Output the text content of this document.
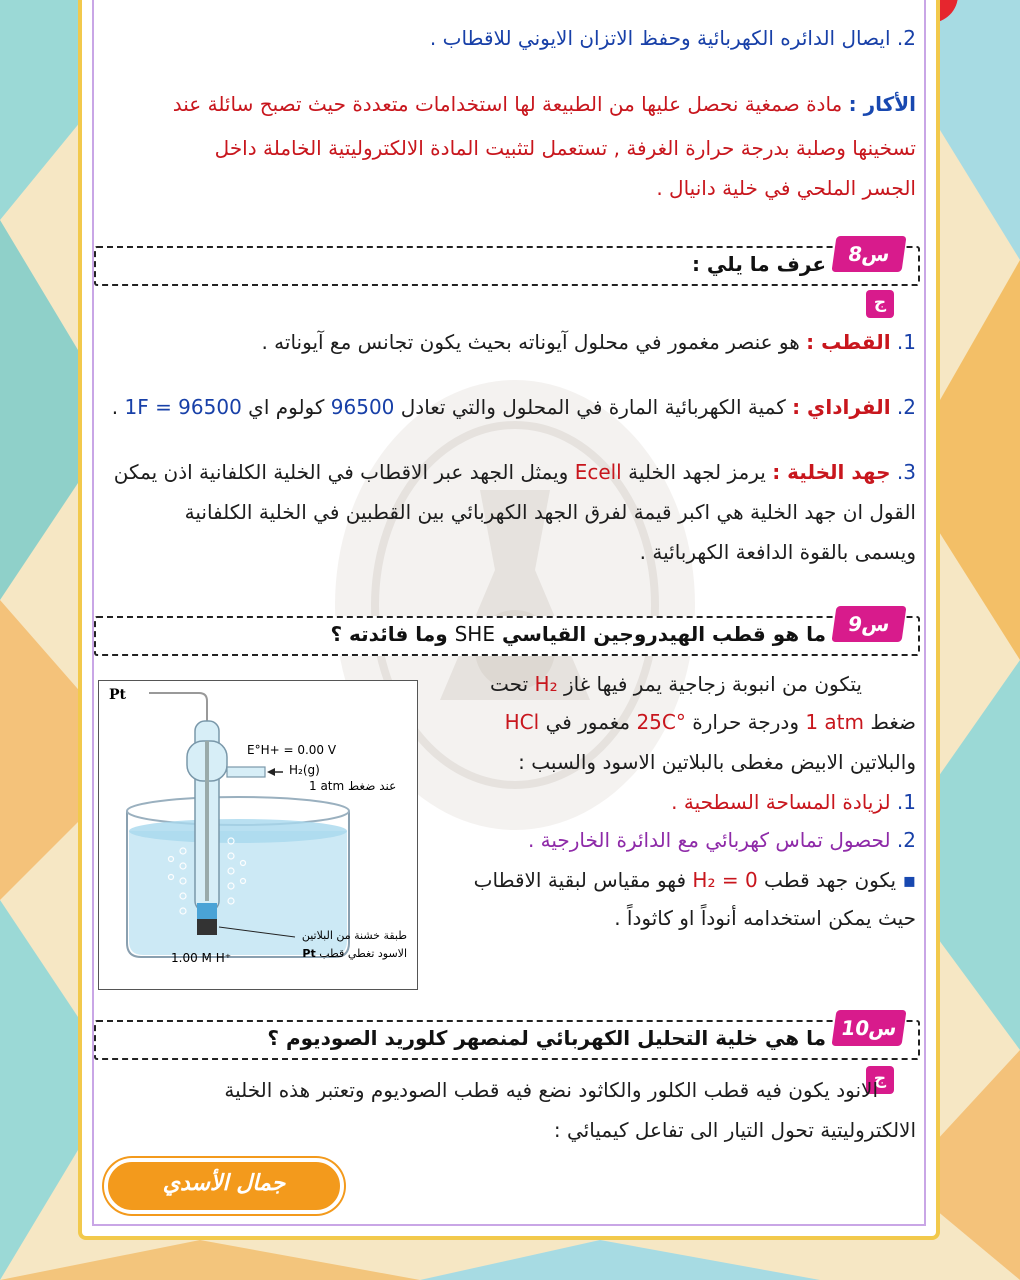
2. ايصال الدائره الكهربائية وحفظ الاتزان الايوني للاقطاب .
الأكار : مادة صمغية نحصل عليها من الطبيعة لها استخدامات متعددة حيث تصبح سائلة عند
تسخينها وصلبة بدرجة حرارة الغرفة , تستعمل لتثبيت المادة الالكتروليتية الخاملة داخل
الجسر الملحي في خلية دانيال .
س8
عرف ما يلي :
ج
1. القطب : هو عنصر مغمور في محلول آيوناته بحيث يكون تجانس مع آيوناته .
2. الفراداي : كمية الكهربائية المارة في المحلول والتي تعادل 96500 كولوم اي 1F = 96500 .
3. جهد الخلية : يرمز لجهد الخلية Ecell ويمثل الجهد عبر الاقطاب في الخلية الكلفانية اذن يمكن
القول ان جهد الخلية هي اكبر قيمة لفرق الجهد الكهربائي بين القطبين في الخلية الكلفانية
ويسمى بالقوة الدافعة الكهربائية .
س9
ما هو قطب الهيدروجين القياسي SHE وما فائدته ؟
يتكون من انبوبة زجاجية يمر فيها غاز H₂ تحت
ضغط 1 atm ودرجة حرارة 25C° مغمور في HCl
والبلاتين الابيض مغطى بالبلاتين الاسود والسبب :
1. لزيادة المساحة السطحية .
2. لحصول تماس كهربائي مع الدائرة الخارجية .
▪ يكون جهد قطب H₂ = 0 فهو مقياس لبقية الاقطاب
حيث يمكن استخدامه أنوداً او كاثوداً .
س10
ما هي خلية التحليل الكهربائي لمنصهر كلوريد الصوديوم ؟
ج
الانود يكون فيه قطب الكلور والكاثود نضع فيه قطب الصوديوم وتعتبر هذه الخلية
الالكتروليتية تحول التيار الى تفاعل كيميائي :
Pt
E°H+ = 0.00 V
H₂(g)
عند ضغط 1 atm
1.00 M H⁺
طبقة خشنة من البلاتين
الاسود تغطي قطب Pt
جمال الأسدي
